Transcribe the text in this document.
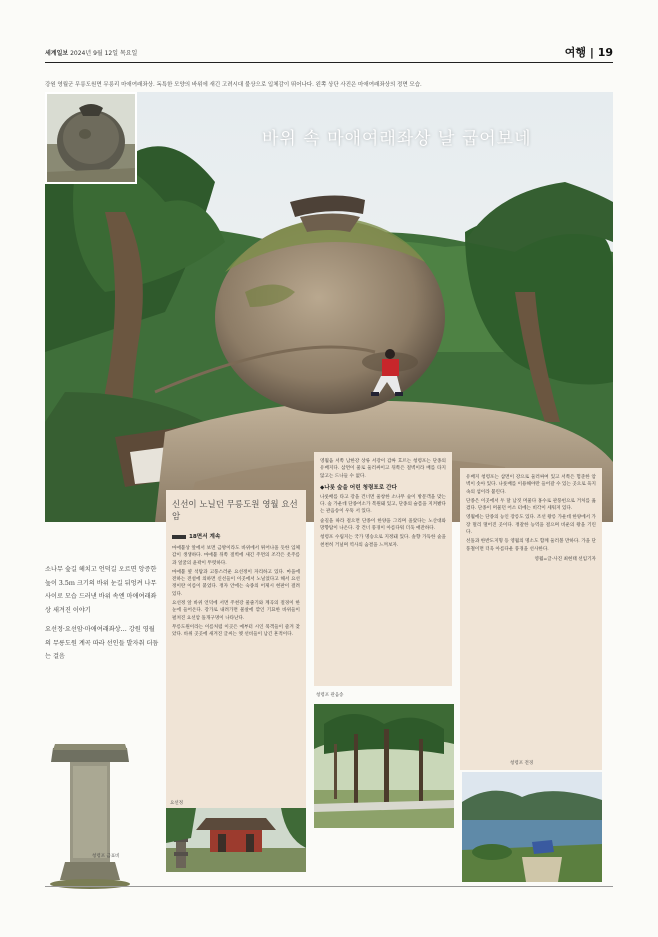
세계일보 2024년 9월 12일 목요일	여행 | 19
강원 영월군 무릉도원면 무릉리 마애여래좌상. 독특한 모양의 바위에 새긴 고려시대 불상으로 입체감이 뛰어나다. 왼쪽 상단 사진은 마애여래좌상의 정면 모습.
바위 속 마애여래좌상 날 굽어보네

소나무 숲길 헤치고 언덕길 오르면 앙증한 높이 3.5ｍ 크기의 바위 눈길 뒤엉켜 나무 사이로 모습 드러낸 바위 속엔 마애여래좌상 새겨진 이야기

요선정·요선암·마애여래좌상… 강원 영월의 무릉도원 계곡 따라 선인들 발자취 더듬는 걸음

신선이 노닐던 무릉도원 영월 요선암
18면서 계속

마애불상 앞에서 보면 금방이라도 바위에서 튀어나올 듯한 입체감이 생생하다. 마애불 뒤쪽 절벽에 새긴 주면의 조각은 옷주름과 얼굴의 윤곽이 뚜렷하다.

마애불 옆 석탑과 고풍스러운 요선정이 자리하고 있다. 마을에 전하는 전설에 의하면 신선들이 이곳에서 노닐었다고 해서 요선정이란 이름이 붙었다. 정자 안에는 숙종의 어제시 현판이 걸려 있다.

요선정 앞 바위 언덕에 서면 주천강 물줄기와 계곡의 절경이 한눈에 들어온다. 강가로 내려가면 물살에 깎인 기묘한 바위들이 펼쳐진 요선암 돌개구멍이 나타난다.

무릉도원이라는 이름처럼 이곳은 예부터 시인 묵객들이 즐겨 찾았다. 바위 곳곳에 새겨진 글씨는 옛 선비들이 남긴 흔적이다.

요선정

영월읍 서쪽 남한강 상류 서강이 감싸 흐르는 청령포는 단종의 유배지다. 삼면이 물로 둘러싸이고 뒤쪽은 절벽이라 배를 타지 않고는 드나들 수 없다.

◆나룻 숲을 어린 청령포로 간다

나룻배를 타고 강을 건너면 울창한 소나무 숲이 방문객을 맞는다. 숲 가운데 단종어소가 복원돼 있고, 단종의 슬픔을 지켜봤다는 관음송이 우뚝 서 있다.

숲길을 따라 걸으면 단종이 한양을 그리며 올랐다는 노산대와 망향탑이 나온다. 강 건너 풍경이 아름다워 더욱 애잔하다.

청령포 수림지는 국가 명승으로 지정돼 있다. 솔향 가득한 숲을 천천히 거닐며 역사의 숨결을 느껴보자.

청령포 관음송

유배지 청령포는 삼면이 강으로 둘러싸여 있고 서쪽은 험준한 암벽이 솟아 있다. 나룻배를 이용해야만 들어갈 수 있는 곳으로 육지 속의 섬이라 불린다.

단종은 이곳에서 두 달 남짓 머물다 홍수로 관풍헌으로 거처를 옮겼다. 단종이 머물던 어소 터에는 비각이 세워져 있다.

영월에는 단종의 능인 장릉도 있다. 조선 왕릉 가운데 한양에서 가장 멀리 떨어진 곳이다. 정갈한 능역을 걸으며 비운의 왕을 기린다.

선돌과 한반도지형 등 영월의 명소도 함께 둘러볼 만하다. 가을 단풍철이면 더욱 아름다운 풍경을 선사한다.

영월=글·사진 최현태 선임기자

청령포 전경
청령포 금표비
